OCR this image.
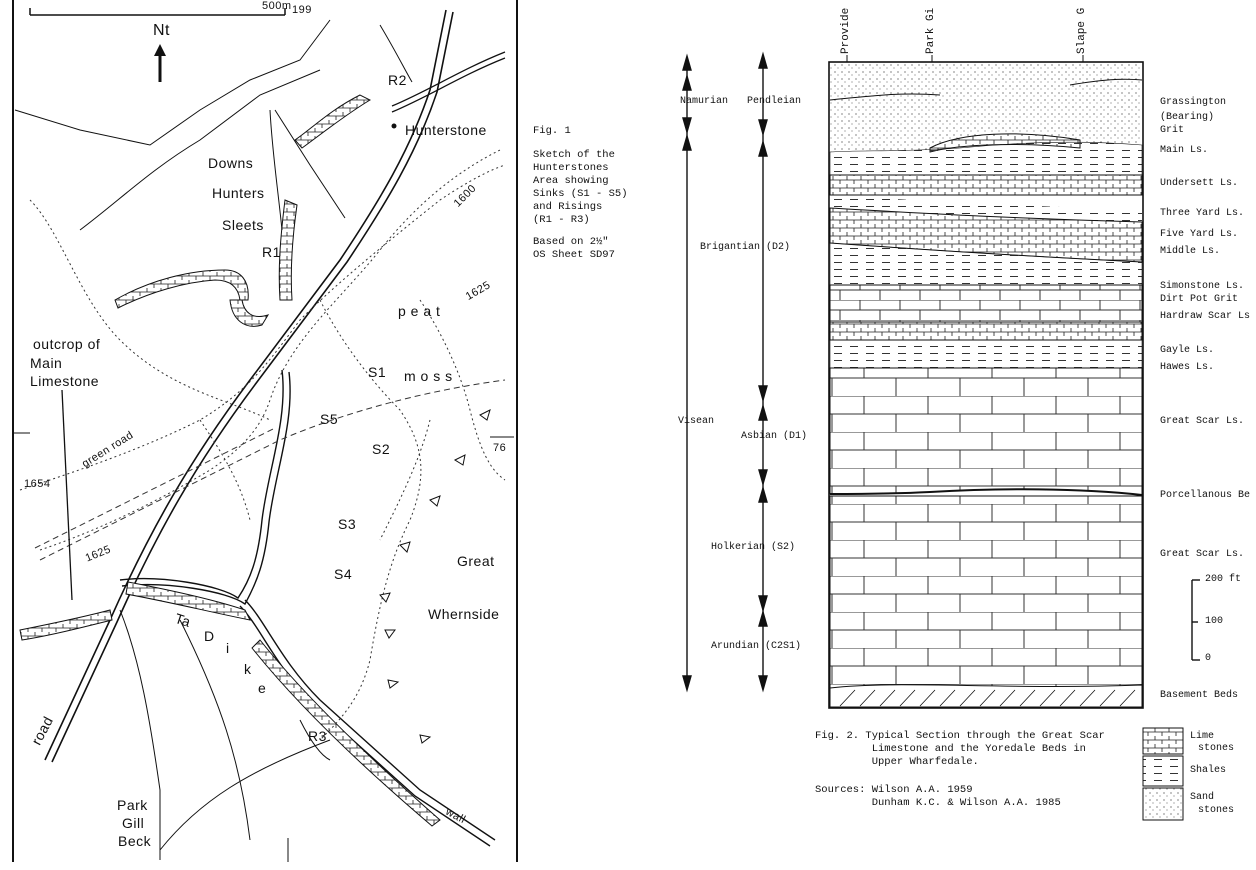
500m 199
Nt
R2
Hunterstone
Downs
Hunters
Sleets
R1
outcrop of
Main
Limestone
green road
1654
1625
1600
1625
p e a t
S1 m o s s
S5
S2	76
S3
S4
Great
Whernside
Ta
D
i
k
e
road	R3
wall
Park
Gill
Beck
Fig. 1
Sketch of the
Hunterstones
Area showing
Sinks (S1 - S5)
and Risings
(R1 - R3)
Based on 2½"
OS Sheet SD97
Provide	Park Gi	Slape G
Namurian Pendleian
Brigantian (D2)
Visean
Asbian (D1)
Holkerian (S2)
Arundian (C2S1)
Grassington
(Bearing)
Grit
Main Ls.
Undersett Ls.
Three Yard Ls.
Five Yard Ls.
Middle Ls.
Simonstone Ls.
Dirt Pot Grit
Hardraw Scar Ls
Gayle Ls.
Hawes Ls.
Great Scar Ls.
Porcellanous Be
Great Scar Ls.
Basement Beds
200 ft
100
0
Fig. 2. Typical Section through the Great Scar
Limestone and the Yoredale Beds in
Upper Wharfedale.
Sources: Wilson A.A. 1959
Dunham K.C. & Wilson A.A. 1985
Lime
stones
Shales
Sand
stones
